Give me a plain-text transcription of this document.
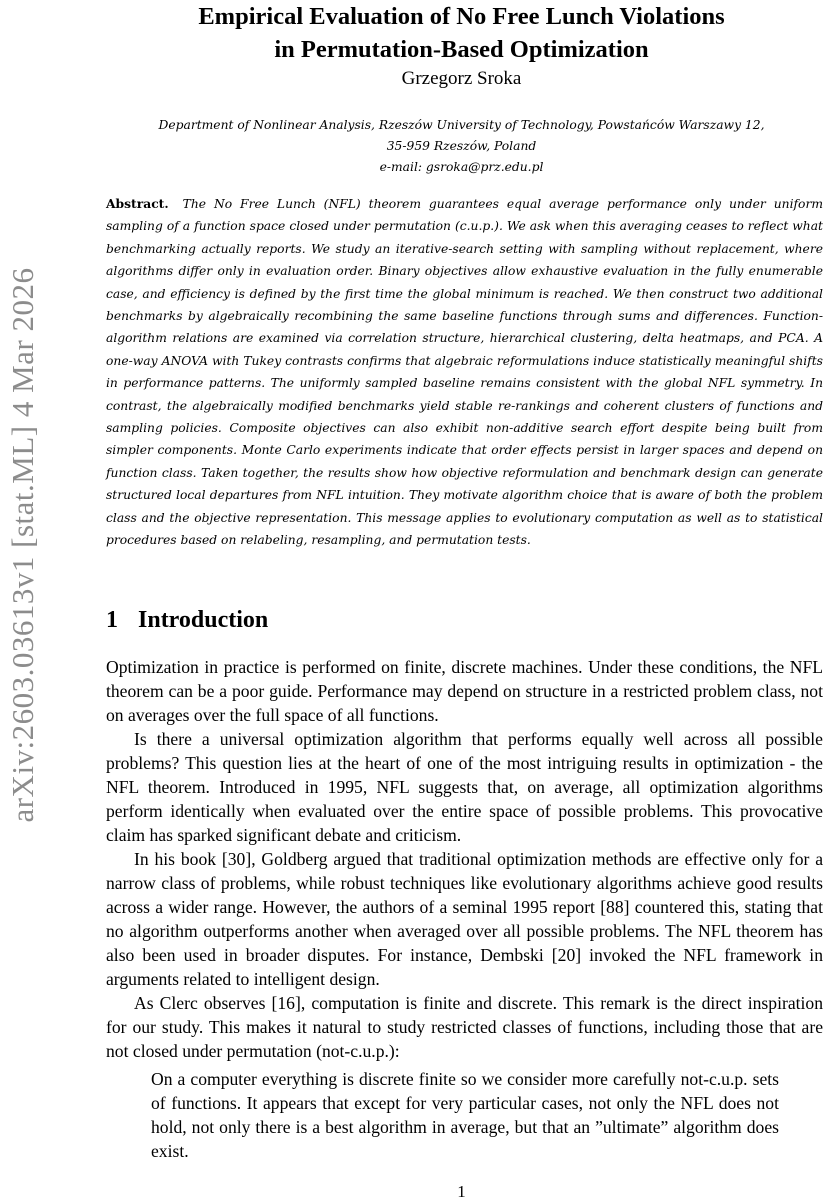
arXiv:2603.03613v1 [stat.ML] 4 Mar 2026
Empirical Evaluation of No Free Lunch Violations
in Permutation-Based Optimization
Grzegorz Sroka
Department of Nonlinear Analysis, Rzeszów University of Technology, Powstańców Warszawy 12,
35-959 Rzeszów, Poland
e-mail: gsroka@prz.edu.pl

Abstract. The No Free Lunch (NFL) theorem guarantees equal average performance only under uniform sampling of a function space closed under permutation (c.u.p.). We ask when this averaging ceases to reflect what benchmarking actually reports. We study an iterative-search setting with sampling without replacement, where algorithms differ only in evaluation order. Binary objectives allow exhaustive evaluation in the fully enumerable case, and efficiency is defined by the first time the global minimum is reached. We then construct two additional benchmarks by algebraically recombining the same baseline functions through sums and differences. Function-algorithm relations are examined via correlation structure, hierarchical clustering, delta heatmaps, and PCA. A one-way ANOVA with Tukey contrasts confirms that algebraic reformulations induce statistically meaningful shifts in performance patterns. The uniformly sampled baseline remains consistent with the global NFL symmetry. In contrast, the algebraically modified benchmarks yield stable re-rankings and coherent clusters of functions and sampling policies. Composite objectives can also exhibit non-additive search effort despite being built from simpler components. Monte Carlo experiments indicate that order effects persist in larger spaces and depend on function class. Taken together, the results show how objective reformulation and benchmark design can generate structured local departures from NFL intuition. They motivate algorithm choice that is aware of both the problem class and the objective representation. This message applies to evolutionary computation as well as to statistical procedures based on relabeling, resampling, and permutation tests.

1 Introduction

Optimization in practice is performed on finite, discrete machines. Under these conditions, the NFL theorem can be a poor guide. Performance may depend on structure in a restricted problem class, not on averages over the full space of all functions.

Is there a universal optimization algorithm that performs equally well across all possible problems? This question lies at the heart of one of the most intriguing results in optimization - the NFL theorem. Introduced in 1995, NFL suggests that, on average, all optimization algorithms perform identically when evaluated over the entire space of possible problems. This provocative claim has sparked significant debate and criticism.

In his book [30], Goldberg argued that traditional optimization methods are effective only for a narrow class of problems, while robust techniques like evolutionary algorithms achieve good results across a wider range. However, the authors of a seminal 1995 report [88] countered this, stating that no algorithm outperforms another when averaged over all possible problems. The NFL theorem has also been used in broader disputes. For instance, Dembski [20] invoked the NFL framework in arguments related to intelligent design.

As Clerc observes [16], computation is finite and discrete. This remark is the direct inspiration for our study. This makes it natural to study restricted classes of functions, including those that are not closed under permutation (not-c.u.p.):

On a computer everything is discrete finite so we consider more carefully not-c.u.p. sets of functions. It appears that except for very particular cases, not only the NFL does not hold, not only there is a best algorithm in average, but that an ”ultimate” algorithm does exist.
1
